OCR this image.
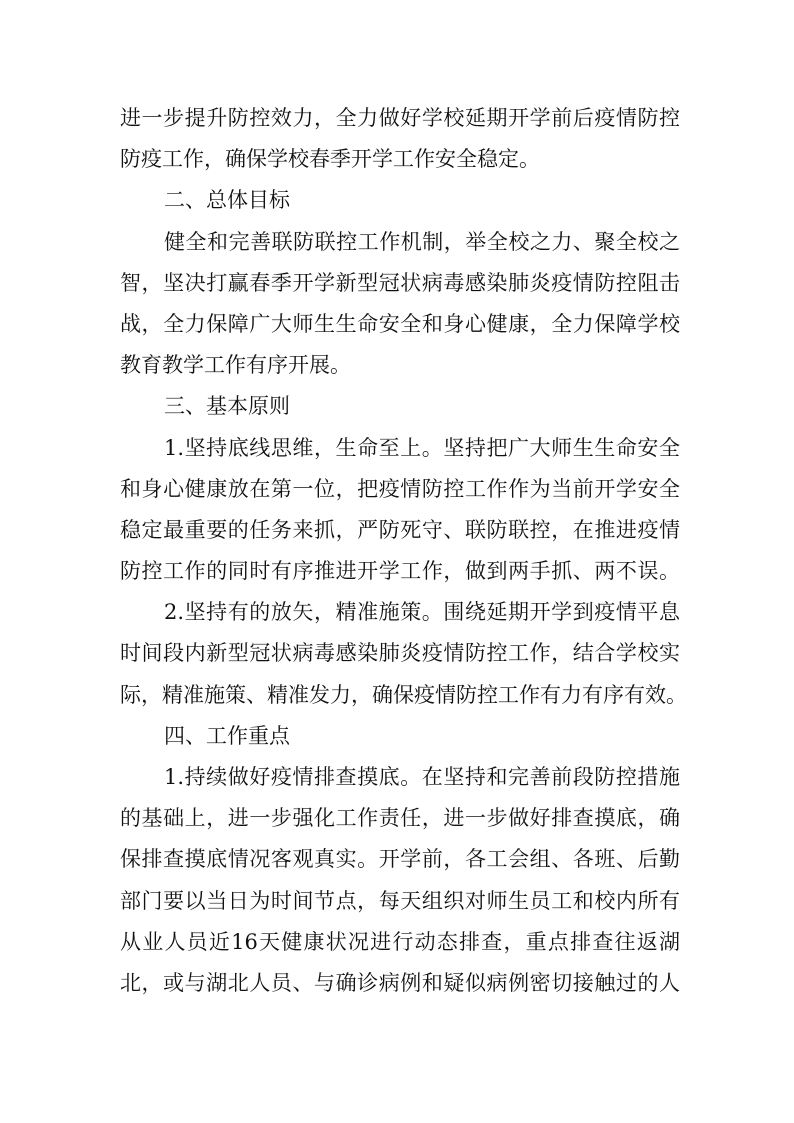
进一步提升防控效力，全力做好学校延期开学前后疫情防控
防疫工作，确保学校春季开学工作安全稳定。
二、总体目标
健全和完善联防联控工作机制，举全校之力、聚全校之
智，坚决打赢春季开学新型冠状病毒感染肺炎疫情防控阻击
战，全力保障广大师生生命安全和身心健康，全力保障学校
教育教学工作有序开展。
三、基本原则
1.坚持底线思维，生命至上。坚持把广大师生生命安全
和身心健康放在第一位，把疫情防控工作作为当前开学安全
稳定最重要的任务来抓，严防死守、联防联控，在推进疫情
防控工作的同时有序推进开学工作，做到两手抓、两不误。
2.坚持有的放矢，精准施策。围绕延期开学到疫情平息
时间段内新型冠状病毒感染肺炎疫情防控工作，结合学校实
际，精准施策、精准发力，确保疫情防控工作有力有序有效。
四、工作重点
1.持续做好疫情排查摸底。在坚持和完善前段防控措施
的基础上，进一步强化工作责任，进一步做好排查摸底，确
保排查摸底情况客观真实。开学前，各工会组、各班、后勤
部门要以当日为时间节点，每天组织对师生员工和校内所有
从业人员近16天健康状况进行动态排查，重点排查往返湖
北，或与湖北人员、与确诊病例和疑似病例密切接触过的人
